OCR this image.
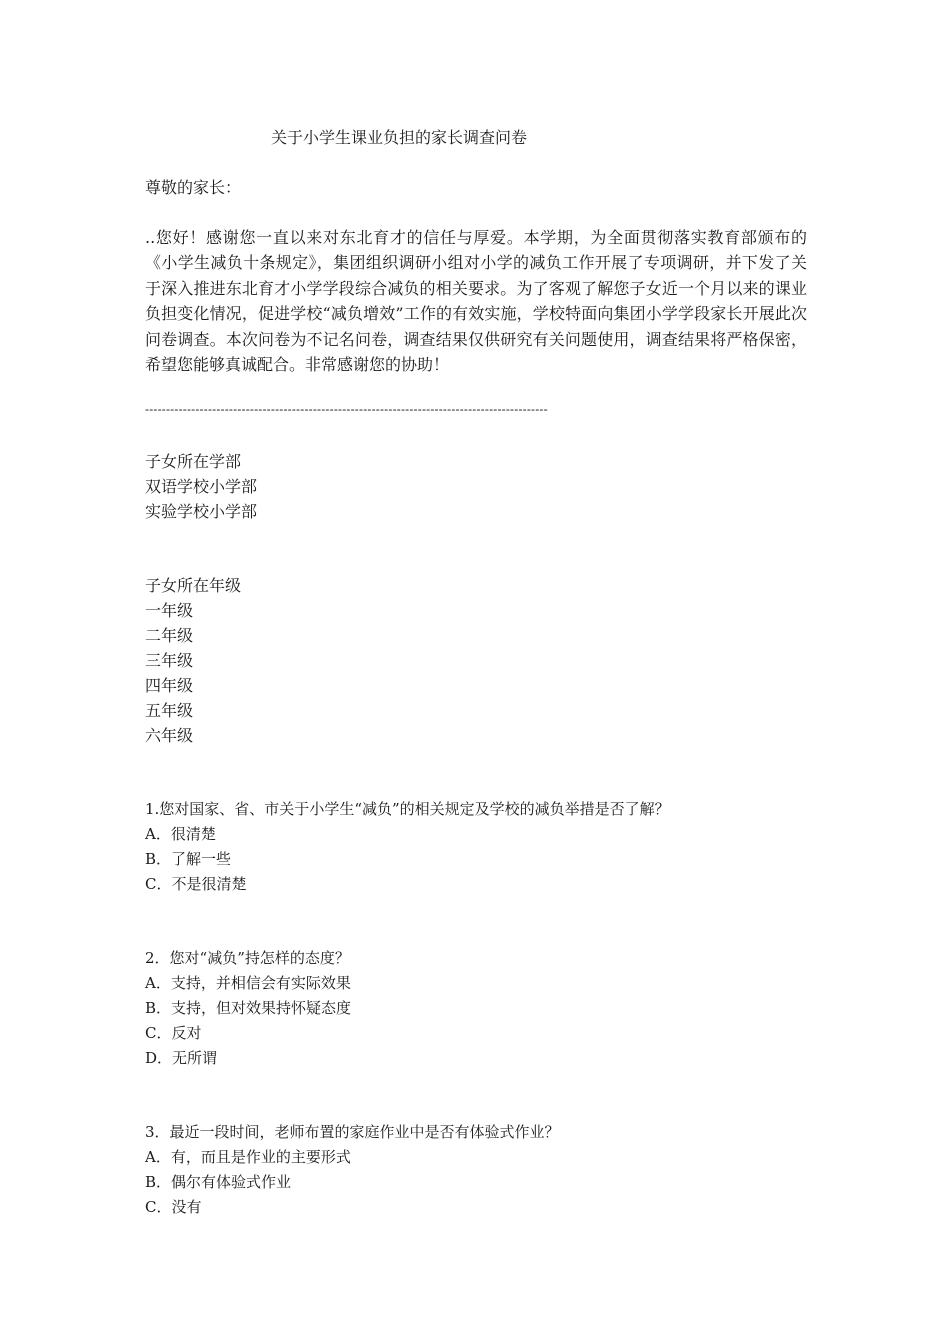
关于小学生课业负担的家长调查问卷
尊敬的家长：

..您好！感谢您一直以来对东北育才的信任与厚爱。本学期，为全面贯彻落实教育部颁布的《小学生减负十条规定》，集团组织调研小组对小学的减负工作开展了专项调研，并下发了关于深入推进东北育才小学学段综合减负的相关要求。为了客观了解您子女近一个月以来的课业负担变化情况，促进学校“减负增效”工作的有效实施，学校特面向集团小学学段家长开展此次问卷调查。本次问卷为不记名问卷，调查结果仅供研究有关问题使用，调查结果将严格保密，希望您能够真诚配合。非常感谢您的协助！

------------------------------------------------------------------------------------------------
子女所在学部
双语学校小学部
实验学校小学部
子女所在年级
一年级
二年级
三年级
四年级
五年级
六年级
1.您对国家、省、市关于小学生“减负”的相关规定及学校的减负举措是否了解？
A．很清楚
B．了解一些
C．不是很清楚
2．您对“减负”持怎样的态度？
A．支持，并相信会有实际效果
B．支持，但对效果持怀疑态度
C．反对
D．无所谓
3．最近一段时间，老师布置的家庭作业中是否有体验式作业？
A．有，而且是作业的主要形式
B．偶尔有体验式作业
C．没有
